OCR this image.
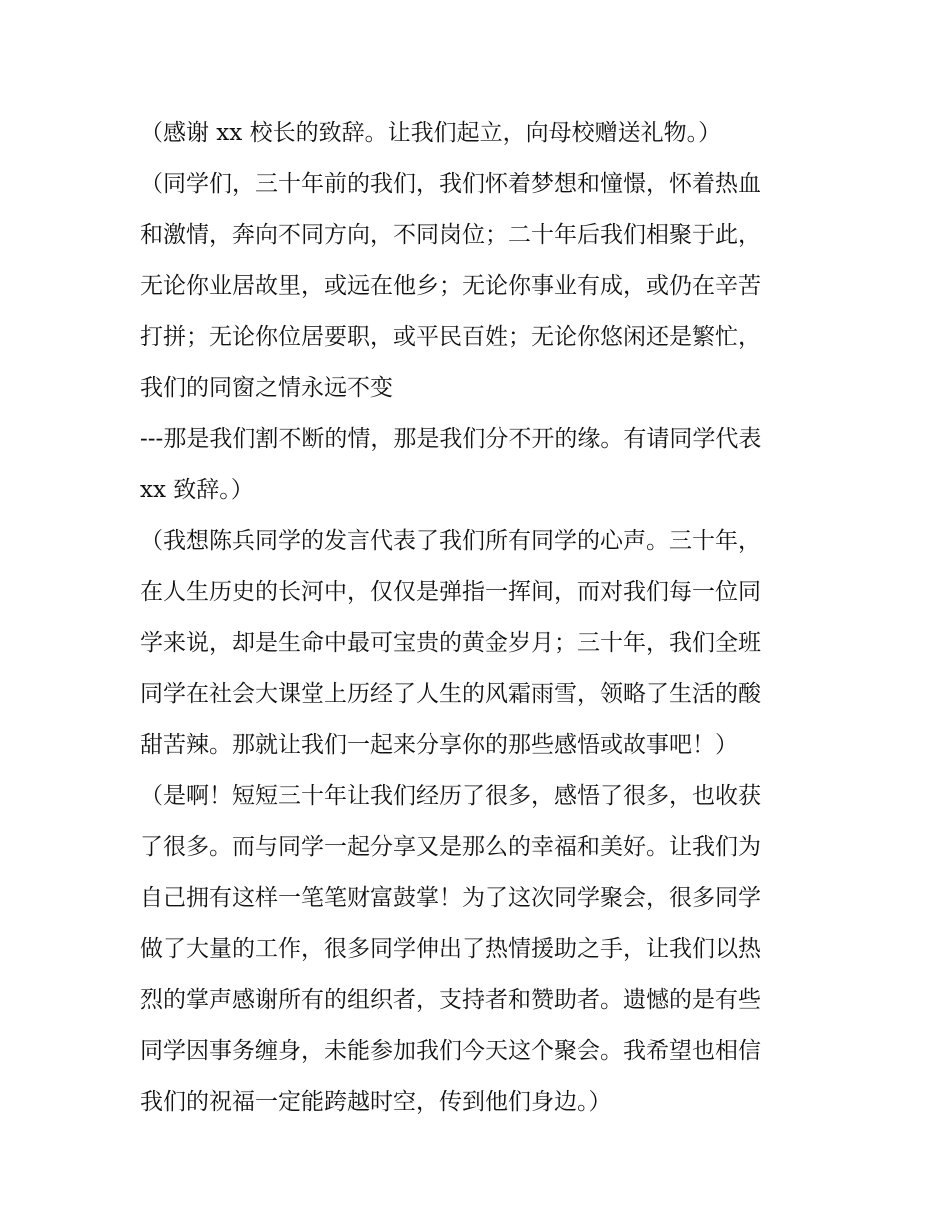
（感谢 xx 校长的致辞。让我们起立，向母校赠送礼物。）
（同学们，三十年前的我们，我们怀着梦想和憧憬，怀着热血
和激情，奔向不同方向，不同岗位；二十年后我们相聚于此，
无论你业居故里，或远在他乡；无论你事业有成，或仍在辛苦
打拼；无论你位居要职，或平民百姓；无论你悠闲还是繁忙，
我们的同窗之情永远不变
---那是我们割不断的情，那是我们分不开的缘。有请同学代表
xx 致辞。）
（我想陈兵同学的发言代表了我们所有同学的心声。三十年，
在人生历史的长河中，仅仅是弹指一挥间，而对我们每一位同
学来说，却是生命中最可宝贵的黄金岁月；三十年，我们全班
同学在社会大课堂上历经了人生的风霜雨雪，领略了生活的酸
甜苦辣。那就让我们一起来分享你的那些感悟或故事吧！）
（是啊！短短三十年让我们经历了很多，感悟了很多，也收获
了很多。而与同学一起分享又是那么的幸福和美好。让我们为
自己拥有这样一笔笔财富鼓掌！为了这次同学聚会，很多同学
做了大量的工作，很多同学伸出了热情援助之手，让我们以热
烈的掌声感谢所有的组织者，支持者和赞助者。遗憾的是有些
同学因事务缠身，未能参加我们今天这个聚会。我希望也相信
我们的祝福一定能跨越时空，传到他们身边。）
